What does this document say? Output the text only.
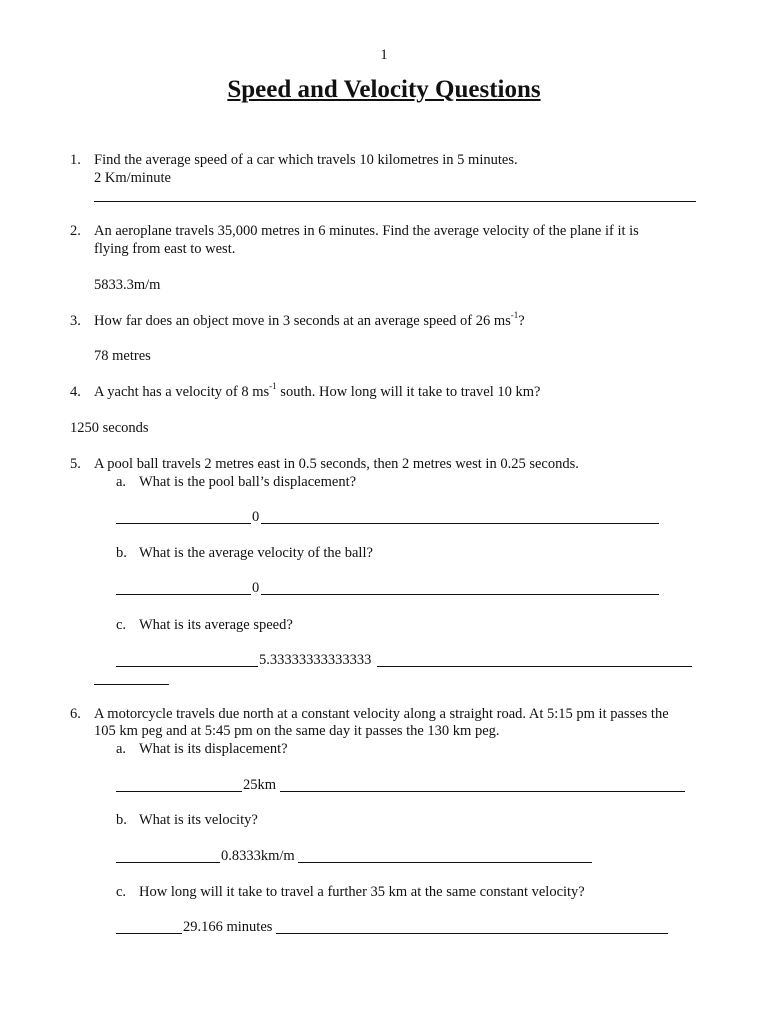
1
Speed and Velocity Questions
1. Find the average speed of a car which travels 10 kilometres in 5 minutes.
2 Km/minute
2. An aeroplane travels 35,000 metres in 6 minutes. Find the average velocity of the plane if it is
flying from east to west.
5833.3m/m
3. How far does an object move in 3 seconds at an average speed of 26 $ms^{-1}$?
78 metres
4. A yacht has a velocity of 8 $ms^{-1}$ south. How long will it take to travel 10 km?
1250 seconds
5. A pool ball travels 2 metres east in 0.5 seconds, then 2 metres west in 0.25 seconds.
a. What is the pool ball’s displacement?
0
b. What is the average velocity of the ball?
0
c. What is its average speed?
5.33333333333333
6. A motorcycle travels due north at a constant velocity along a straight road. At 5:15 pm it passes the
105 km peg and at 5:45 pm on the same day it passes the 130 km peg.
a. What is its displacement?
25km
b. What is its velocity?
0.8333km/m
c. How long will it take to travel a further 35 km at the same constant velocity?
29.166 minutes
